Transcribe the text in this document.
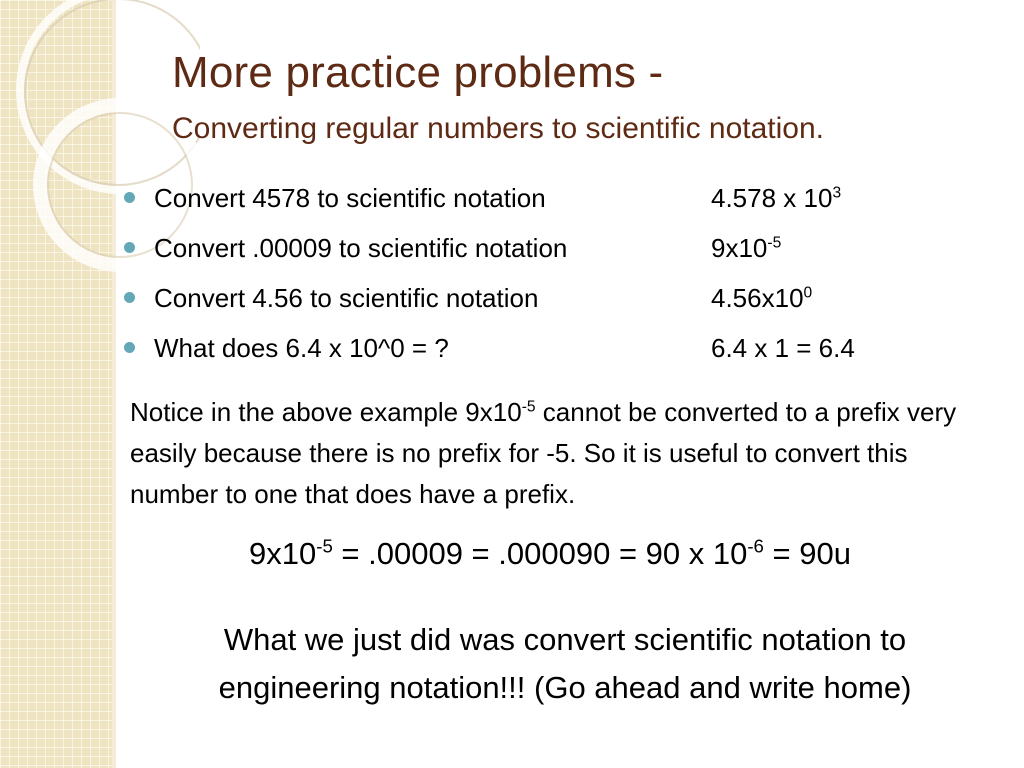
More practice problems -
Converting regular numbers to scientific notation.
Convert 4578 to scientific notation	4.578 x $10^3$
Convert .00009 to scientific notation	$9x10^{-5}$
Convert 4.56 to scientific notation	$4.56x10^0$
What does 6.4 x 10^0 = ?	6.4 x 1 = 6.4

Notice in the above example $9x10^{-5}$ cannot be converted to a prefix very easily because there is no prefix for -5. So it is useful to convert this number to one that does have a prefix.

$9x10^{-5} = .00009 = .000090 = 90$ x $10^{-6} = 90u$

What we just did was convert scientific notation to engineering notation!!! (Go ahead and write home)
